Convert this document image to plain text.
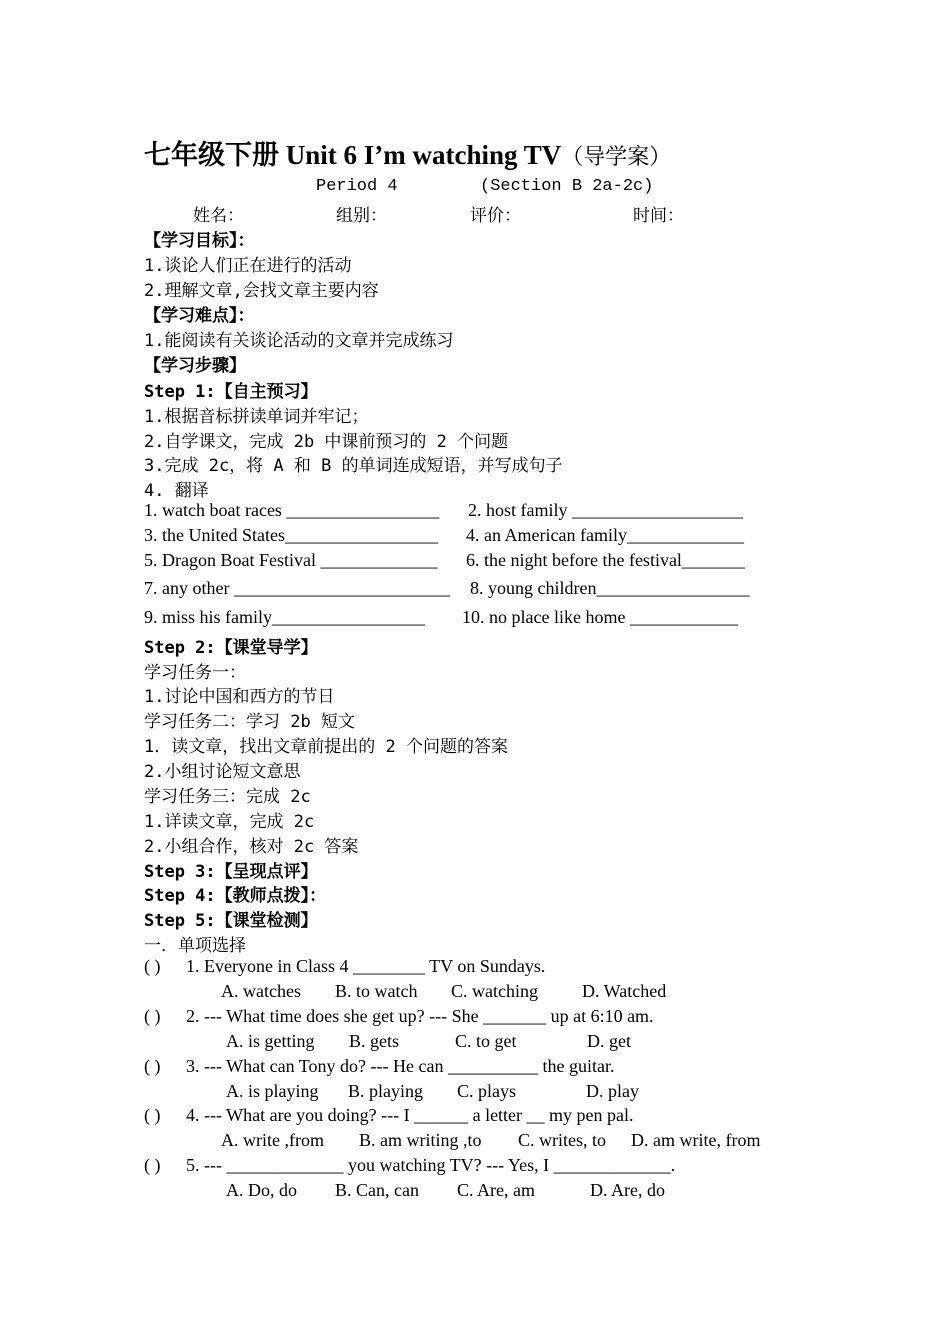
七年级下册 Unit 6 I’m watching TV（导学案）
Period 4	(Section B 2a-2c)
姓名：	组别：	评价：	时间：
【学习目标】：
1.谈论人们正在进行的活动
2.理解文章,会找文章主要内容
【学习难点】：
1.能阅读有关谈论活动的文章并完成练习
【学习步骤】
Step 1:【自主预习】
1.根据音标拼读单词并牢记；
2.自学课文，完成 2b 中课前预习的 2 个问题
3.完成 2c，将 A 和 B 的单词连成短语，并写成句子
4. 翻译
1. watch boat races _________________ 2. host family ___________________
3. the United States_________________ 4. an American family_____________
5. Dragon Boat Festival _____________ 6. the night before the festival_______
7. any other ________________________ 8. young children_________________
9. miss his family_________________ 10. no place like home ____________
Step 2:【课堂导学】
学习任务一：
1.讨论中国和西方的节日
学习任务二：学习 2b 短文
1．读文章，找出文章前提出的 2 个问题的答案
2.小组讨论短文意思
学习任务三：完成 2c
1.详读文章，完成 2c
2.小组合作，核对 2c 答案
Step 3:【呈现点评】
Step 4:【教师点拨】：
Step 5:【课堂检测】
一．单项选择
( ) 1. Everyone in Class 4 ________ TV on Sundays.
A. watches B. to watch C. watching D. Watched
( ) 2. --- What time does she get up? --- She _______ up at 6:10 am.
A. is getting B. gets	C. to get	D. get
( ) 3. --- What can Tony do? --- He can __________ the guitar.
A. is playing B. playing C. plays	D. play
( ) 4. --- What are you doing? --- I ______ a letter __ my pen pal.
A. write ,from B. am writing ,to C. writes, to D. am write, from
( ) 5. --- _____________ you watching TV? --- Yes, I _____________.
A. Do, do B. Can, can C. Are, am	D. Are, do
